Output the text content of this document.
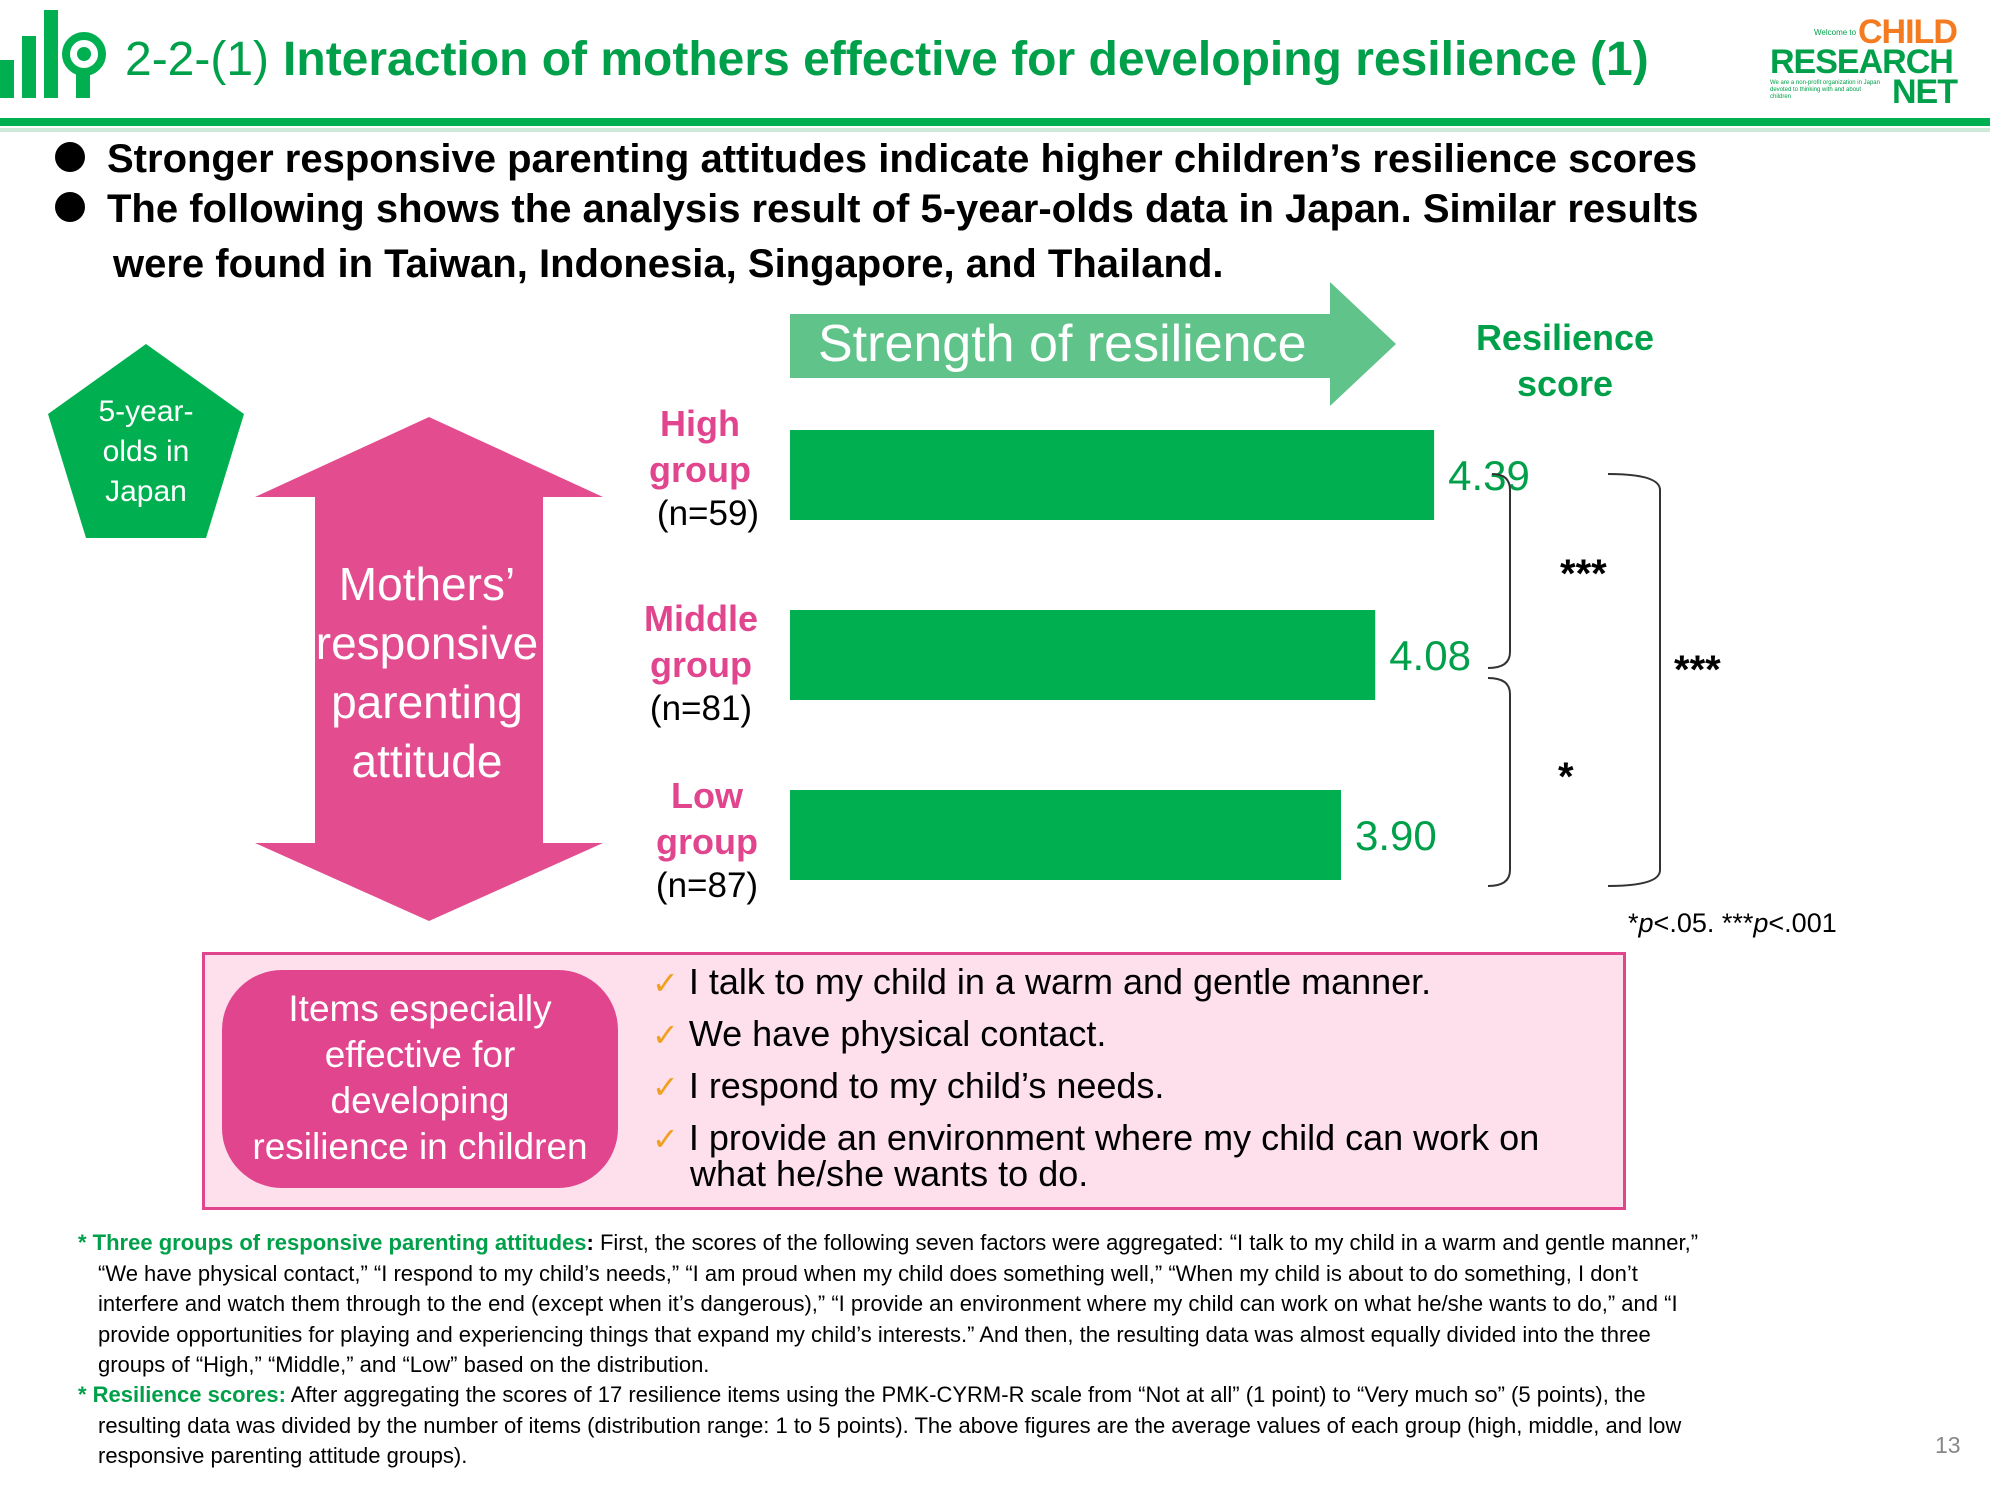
2-2-(1) Interaction of mothers effective for developing resilience (1)
Welcome to CHILD
RESEARCH
We are a non-profit organization in Japan devoted to thinking with and about children	NET
Stronger responsive parenting attitudes indicate higher children’s resilience scores
The following shows the analysis result of 5-year-olds data in Japan. Similar results
were found in Taiwan, Indonesia, Singapore, and Thailand.
5-year-
olds in
Japan
Mothers’
responsive
parenting
attitude
Strength of resilience	Resilience
score
High
group
(n=59)
Middle
group
(n=81)
Low
group
(n=87)
4.39
4.08
3.90
***
*
***
*p<.05. ***p<.001
Items especially
effective for
developing
resilience in children
✓ I talk to my child in a warm and gentle manner.
✓ We have physical contact.
✓ I respond to my child’s needs.
✓ I provide an environment where my child can work on
what he/she wants to do.
* Three groups of responsive parenting attitudes: First, the scores of the following seven factors were aggregated: “I talk to my child in a warm and gentle manner,”
“We have physical contact,” “I respond to my child’s needs,” “I am proud when my child does something well,” “When my child is about to do something, I don’t
interfere and watch them through to the end (except when it’s dangerous),” “I provide an environment where my child can work on what he/she wants to do,” and “I
provide opportunities for playing and experiencing things that expand my child’s interests.” And then, the resulting data was almost equally divided into the three
groups of “High,” “Middle,” and “Low” based on the distribution.
* Resilience scores: After aggregating the scores of 17 resilience items using the PMK-CYRM-R scale from “Not at all” (1 point) to “Very much so” (5 points), the
resulting data was divided by the number of items (distribution range: 1 to 5 points). The above figures are the average values of each group (high, middle, and low
responsive parenting attitude groups).	13
